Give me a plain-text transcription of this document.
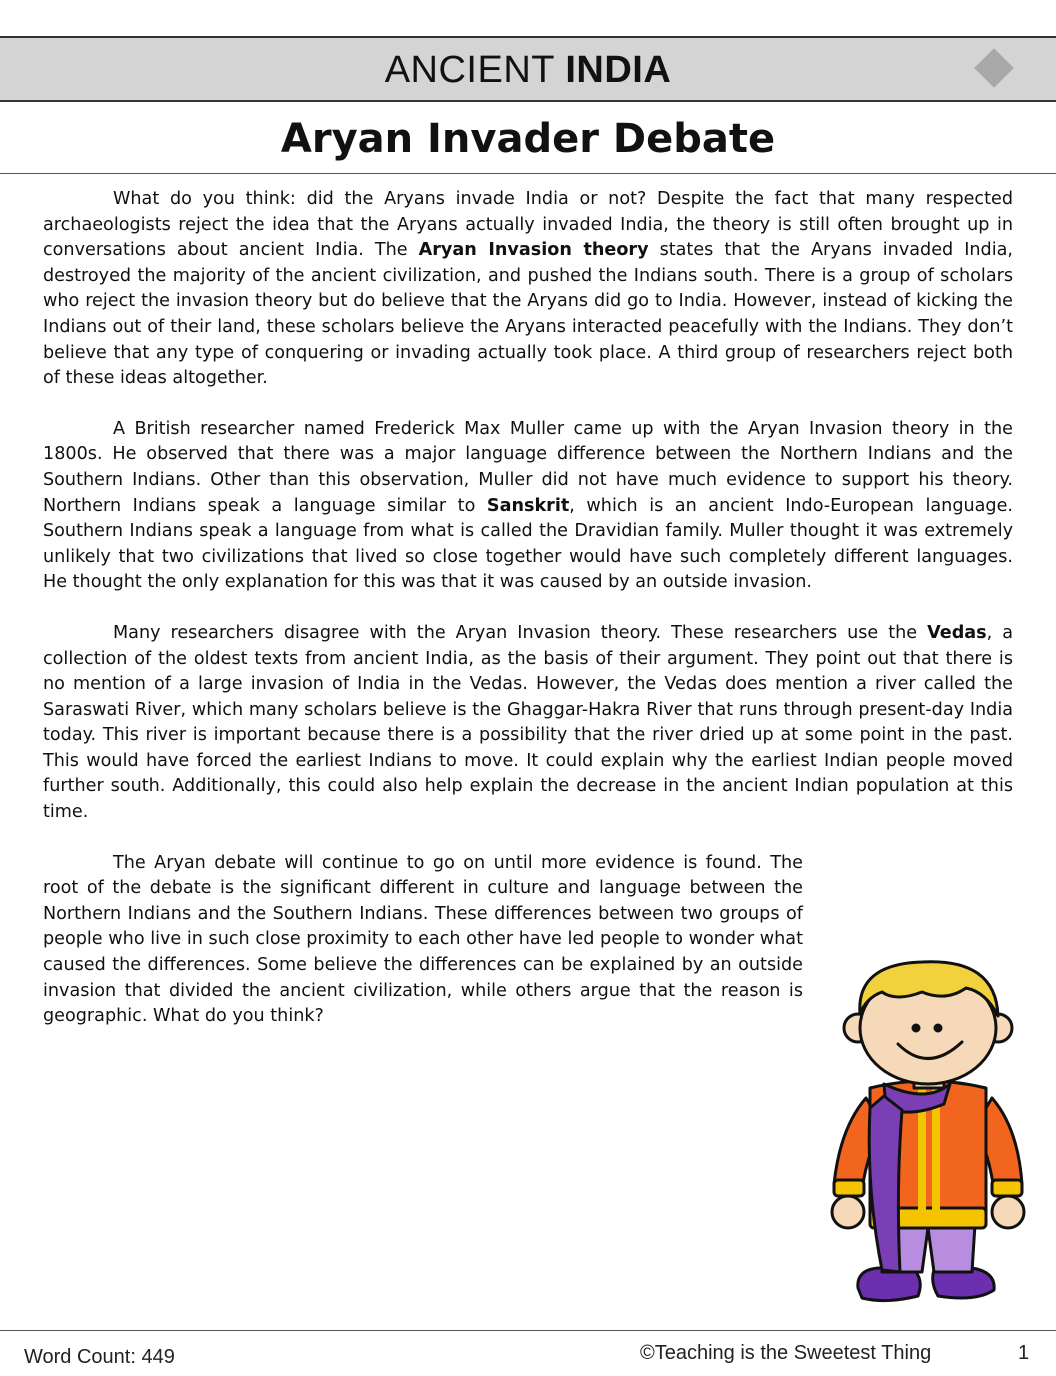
ANCIENT INDIA
Aryan Invader Debate

What do you think: did the Aryans invade India or not? Despite the fact that many respected archaeologists reject the idea that the Aryans actually invaded India, the theory is still often brought up in conversations about ancient India. The Aryan Invasion theory states that the Aryans invaded India, destroyed the majority of the ancient civilization, and pushed the Indians south. There is a group of scholars who reject the invasion theory but do believe that the Aryans did go to India. However, instead of kicking the Indians out of their land, these scholars believe the Aryans interacted peacefully with the Indians. They don’t believe that any type of conquering or invading actually took place. A third group of researchers reject both of these ideas altogether.

A British researcher named Frederick Max Muller came up with the Aryan Invasion theory in the 1800s. He observed that there was a major language difference between the Northern Indians and the Southern Indians. Other than this observation, Muller did not have much evidence to support his theory. Northern Indians speak a language similar to Sanskrit, which is an ancient Indo-European language. Southern Indians speak a language from what is called the Dravidian family. Muller thought it was extremely unlikely that two civilizations that lived so close together would have such completely different languages. He thought the only explanation for this was that it was caused by an outside invasion.

Many researchers disagree with the Aryan Invasion theory. These researchers use the Vedas, a collection of the oldest texts from ancient India, as the basis of their argument. They point out that there is no mention of a large invasion of India in the Vedas. However, the Vedas does mention a river called the Saraswati River, which many scholars believe is the Ghaggar-Hakra River that runs through present-day India today. This river is important because there is a possibility that the river dried up at some point in the past. This would have forced the earliest Indians to move. It could explain why the earliest Indian people moved further south. Additionally, this could also help explain the decrease in the ancient Indian population at this time.

The Aryan debate will continue to go on until more evidence is found. The root of the debate is the significant different in culture and language between the Northern Indians and the Southern Indians. These differences between two groups of people who live in such close proximity to each other have led people to wonder what caused the differences. Some believe the differences can be explained by an outside invasion that divided the ancient civilization, while others argue that the reason is geographic. What do you think?

Word Count: 449	©Teaching is the Sweetest Thing	1
